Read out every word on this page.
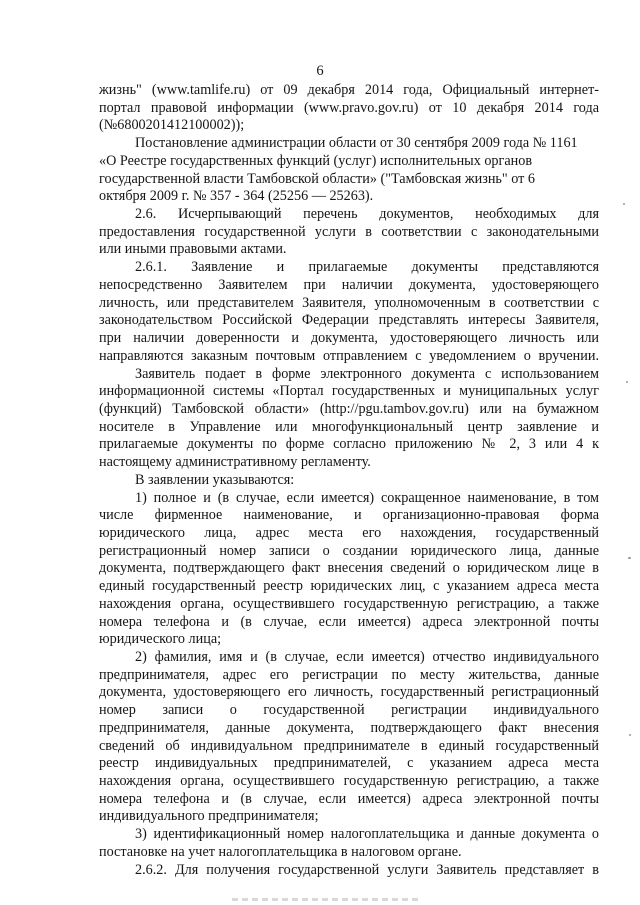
6
жизнь" (www.tamlife.ru) от 09 декабря 2014 года, Официальный интернет-
портал правовой информации (www.pravo.gov.ru) от 10 декабря 2014 года
(№6800201412100002));
Постановление администрации области от 30 сентября 2009 года № 1161
«О Реестре государственных функций (услуг) исполнительных органов
государственной власти Тамбовской области» ("Тамбовская жизнь" от 6
октября 2009 г. № 357 - 364 (25256 — 25263).
2.6. Исчерпывающий перечень документов, необходимых для
предоставления государственной услуги в соответствии с законодательными
или иными правовыми актами.
2.6.1. Заявление и прилагаемые документы представляются
непосредственно Заявителем при наличии документа, удостоверяющего
личность, или представителем Заявителя, уполномоченным в соответствии с
законодательством Российской Федерации представлять интересы Заявителя,
при наличии доверенности и документа, удостоверяющего личность или
направляются заказным почтовым отправлением с уведомлением о вручении.
Заявитель подает в форме электронного документа с использованием
информационной системы «Портал государственных и муниципальных услуг
(функций) Тамбовской области» (http://pgu.tambov.gov.ru) или на бумажном
носителе в Управление или многофункциональный центр заявление и
прилагаемые документы по форме согласно приложению № 2, 3 или 4 к
настоящему административному регламенту.
В заявлении указываются:
1) полное и (в случае, если имеется) сокращенное наименование, в том
числе фирменное наименование, и организационно-правовая форма
юридического лица, адрес места его нахождения, государственный
регистрационный номер записи о создании юридического лица, данные
документа, подтверждающего факт внесения сведений о юридическом лице в
единый государственный реестр юридических лиц, с указанием адреса места
нахождения органа, осуществившего государственную регистрацию, а также
номера телефона и (в случае, если имеется) адреса электронной почты
юридического лица;
2) фамилия, имя и (в случае, если имеется) отчество индивидуального
предпринимателя, адрес его регистрации по месту жительства, данные
документа, удостоверяющего его личность, государственный регистрационный
номер записи о государственной регистрации индивидуального
предпринимателя, данные документа, подтверждающего факт внесения
сведений об индивидуальном предпринимателе в единый государственный
реестр индивидуальных предпринимателей, с указанием адреса места
нахождения органа, осуществившего государственную регистрацию, а также
номера телефона и (в случае, если имеется) адреса электронной почты
индивидуального предпринимателя;
3) идентификационный номер налогоплательщика и данные документа о
постановке на учет налогоплательщика в налоговом органе.
2.6.2. Для получения государственной услуги Заявитель представляет в
